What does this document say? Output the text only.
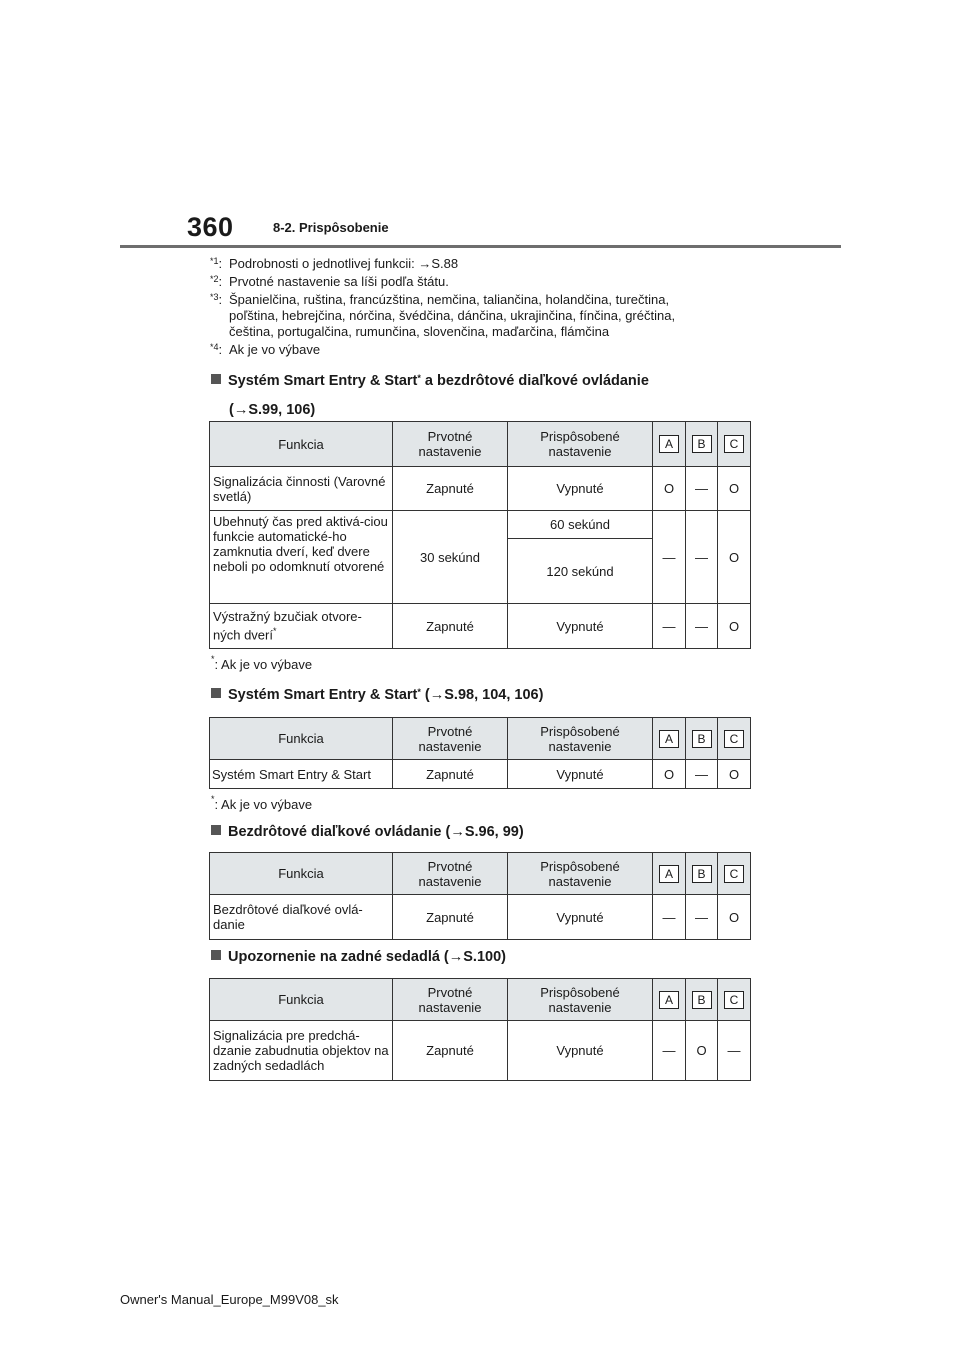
360	8-2. Prispôsobenie
$^{*1}$: Podrobnosti o jednotlivej funkcii: →S.88
$^{*2}$: Prvotné nastavenie sa líši podľa štátu.
$^{*3}$: Španielčina, ruština, francúzština, nemčina, taliančina, holandčina, turečtina,
poľština, hebrejčina, nórčina, švédčina, dánčina, ukrajinčina, fínčina, gréčtina,
čeština, portugalčina, rumunčina, slovenčina, maďarčina, flámčina
$^{*4}$: Ak je vo výbave
Systém Smart Entry & Start* a bezdrôtové diaľkové ovládanie
(→S.99, 106)
Funkcia	Prvotné nastavenie	Prispôsobené nastavenie	A	B	C
Signalizácia činnosti (Varovné svetlá)	Zapnuté	Vypnuté	O	—	O
Ubehnutý čas pred aktivá-ciou funkcie automatické-ho zamknutia dverí, keď dvere neboli po odomknutí otvorené	30 sekúnd	60 sekúnd	—	—	O
		120 sekúnd			
Výstražný bzučiak otvore-ných dverí*	Zapnuté	Vypnuté	—	—	O
*: Ak je vo výbave
Systém Smart Entry & Start* (→S.98, 104, 106)
Funkcia	Prvotné nastavenie	Prispôsobené nastavenie	A	B	C
Systém Smart Entry & Start	Zapnuté	Vypnuté	O	—	O
*: Ak je vo výbave
Bezdrôtové diaľkové ovládanie (→S.96, 99)
Funkcia	Prvotné nastavenie	Prispôsobené nastavenie	A	B	C
Bezdrôtové diaľkové ovlá-danie	Zapnuté	Vypnuté	—	—	O
Upozornenie na zadné sedadlá (→S.100)
Funkcia	Prvotné nastavenie	Prispôsobené nastavenie	A	B	C
Signalizácia pre predchá-dzanie zabudnutia objektov na zadných sedadlách	Zapnuté	Vypnuté	—	O	—
Owner's Manual_Europe_M99V08_sk
